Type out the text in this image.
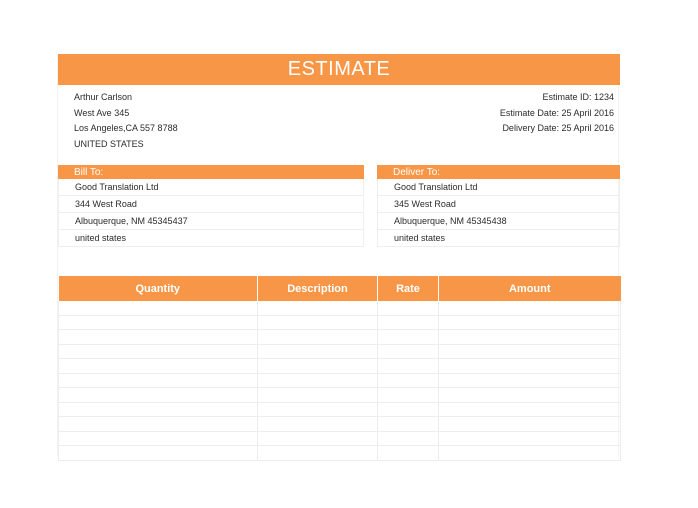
ESTIMATE
Arthur Carlson
West Ave 345
Los Angeles,CA 557 8788
UNITED STATES
Estimate ID: 1234
Estimate Date: 25 April 2016
Delivery Date: 25 April 2016
Bill To:
Good Translation Ltd
344 West Road
Albuquerque, NM 45345437
united states
Deliver To:
Good Translation Ltd
345 West Road
Albuquerque, NM 45345438
united states
Quantity	Description	Rate	Amount
